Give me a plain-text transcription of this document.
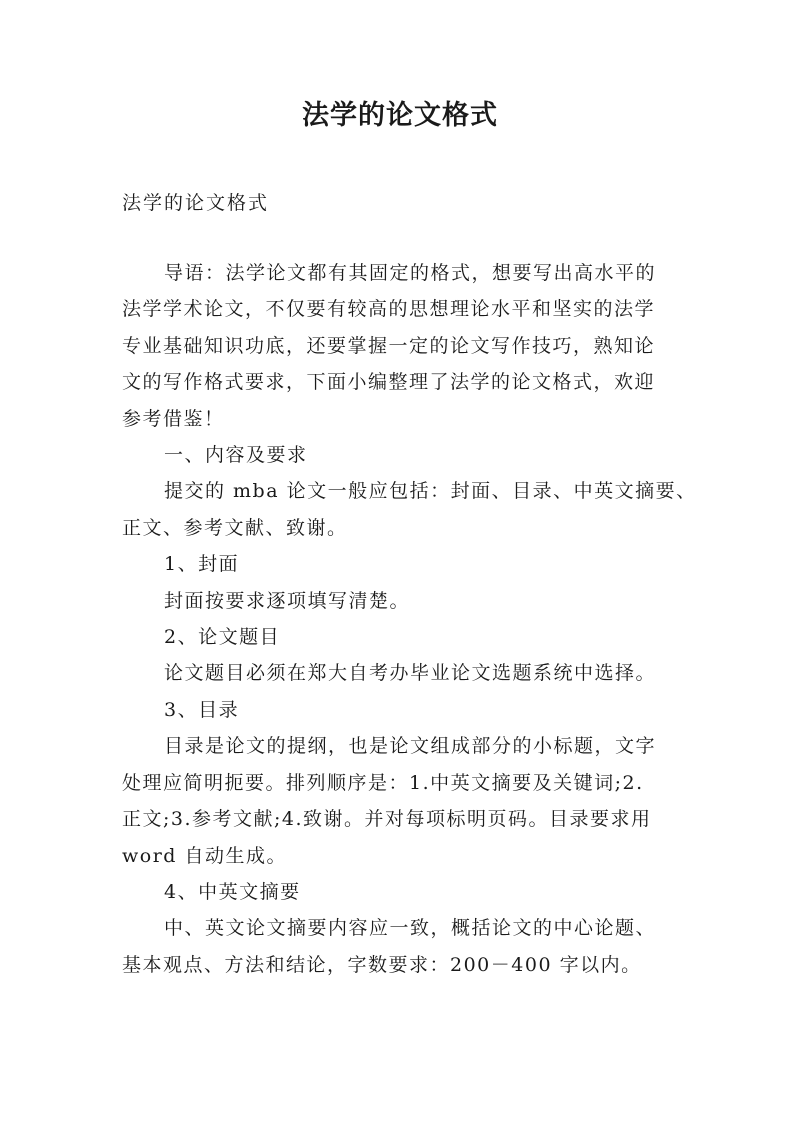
法学的论文格式
法学的论文格式

导语：法学论文都有其固定的格式，想要写出高水平的

法学学术论文，不仅要有较高的思想理论水平和坚实的法学

专业基础知识功底，还要掌握一定的论文写作技巧，熟知论

文的写作格式要求，下面小编整理了法学的论文格式，欢迎

参考借鉴！

一、内容及要求

提交的 mba 论文一般应包括：封面、目录、中英文摘要、

正文、参考文献、致谢。

1、封面

封面按要求逐项填写清楚。

2、论文题目

论文题目必须在郑大自考办毕业论文选题系统中选择。

3、目录

目录是论文的提纲，也是论文组成部分的小标题，文字

处理应简明扼要。排列顺序是：1.中英文摘要及关键词;2.

正文;3.参考文献;4.致谢。并对每项标明页码。目录要求用

word 自动生成。

4、中英文摘要

中、英文论文摘要内容应一致，概括论文的中心论题、

基本观点、方法和结论，字数要求：200－400 字以内。
